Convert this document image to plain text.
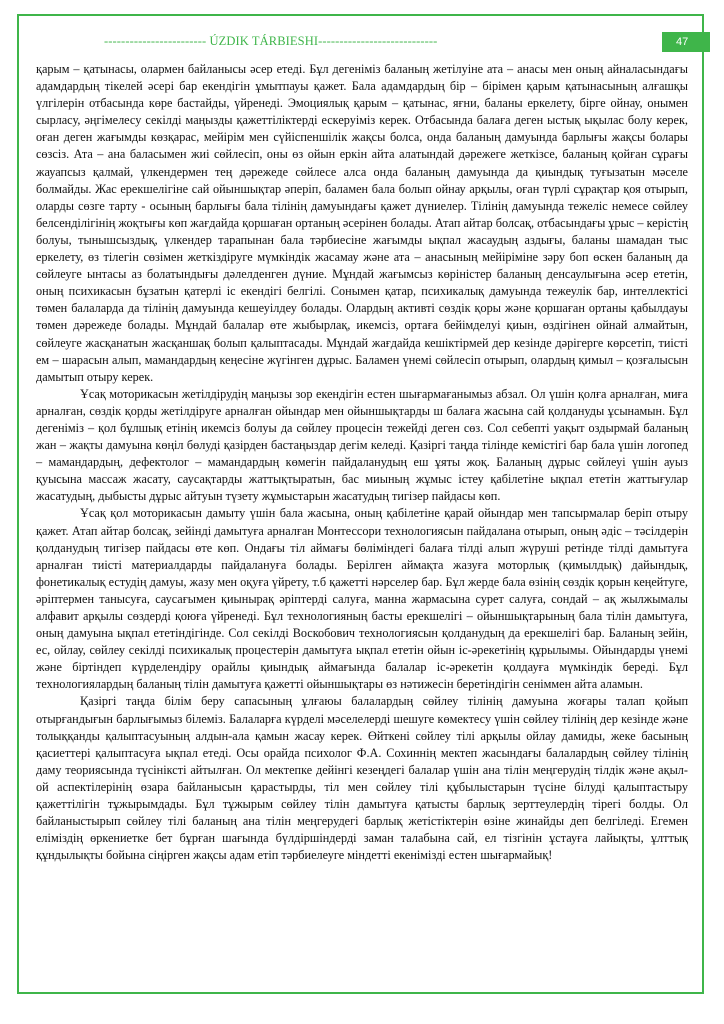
------------------------ ÚZDIK TÁRBIESHI----------------------------	47

қарым – қатынасы, олармен байланысы әсер етеді. Бұл дегеніміз баланың жетілуіне ата – анасы мен оның айналасындағы адамдардың тікелей әсері бар екендігін ұмытпауы қажет. Бала адамдардың бір – бірімен қарым қатынасының алғашқы үлгілерін отбасында көре бастайды, үйренеді. Эмоциялық қарым – қатынас, яғни, баланы еркелету, бірге ойнау, онымен сырласу, әңгімелесу секілді маңызды қажеттіліктерді ескеруіміз керек. Отбасында балаға деген ыстық ықылас болу керек, оған деген жағымды көзқарас, мейірім мен сүйіспеншілік жақсы болса, онда баланың дамуында барлығы жақсы болары сөзсіз. Ата – ана баласымен жиі сөйлесіп, оны өз ойын еркін айта алатындай дәрежеге жеткізсе, баланың қойған сұрағы жауапсыз қалмай, үлкендермен тең дәрежеде сөйлесе алса онда баланың дамуында да қиындық туғызатын мәселе болмайды. Жас ерекшелігіне сай ойыншықтар әперіп, баламен бала болып ойнау арқылы, оған түрлі сұрақтар қоя отырып, оларды сөзге тарту - осының барлығы бала тілінің дамуындағы қажет дүниелер. Тілінің дамуында тежеліс немесе сөйлеу белсенділігінің жоқтығы көп жағдайда қоршаған ортаның әсерінен болады. Атап айтар болсақ, отбасындағы ұрыс – керістің болуы, тынышсыздық, үлкендер тарапынан бала тәрбиесіне жағымды ықпал жасаудың аздығы, баланы шамадан тыс еркелету, өз тілегін сөзімен жеткіздіруге мүмкіндік жасамау және ата – анасының мейіріміне зәру боп өскен баланың да сөйлеуге ынтасы аз болатындығы дәлелденген дүние. Мұндай жағымсыз көріністер баланың денсаулығына әсер ететін, оның психикасын бұзатын қатерлі іс екендігі белгілі. Сонымен қатар, психикалық дамуында тежеулік бар, интеллектісі төмен балаларда да тілінің дамуында кешеуілдеу болады. Олардың активті сөздік қоры және қоршаған ортаны қабылдауы төмен дәрежеде болады. Мұндай балалар өте жыбырлақ, икемсіз, ортаға бейімделуі қиын, өздігінен ойнай алмайтын, сөйлеуге жасқанатын жасқаншақ болып қалыптасады. Мұндай жағдайда кешіктірмей дер кезінде дәрігерге көрсетіп, тиісті ем – шарасын алып, мамандардың кеңесіне жүгінген дұрыс. Баламен үнемі сөйлесіп отырып, олардың қимыл – қозғалысын дамытып отыру керек.

Ұсақ моторикасын жетілдірудің маңызы зор екендігін естен шығармағанымыз абзал. Ол үшін қолға арналған, миға арналған, сөздік қорды жетілдіруге арналған ойындар мен ойыншықтарды ш балаға жасына сай қолдануды ұсынамын. Бұл дегеніміз – қол бұлшық етінің икемсіз болуы да сөйлеу процесін тежейді деген сөз. Сол себепті уақыт оздырмай баланың жан – жақты дамуына көңіл бөлуді қазірден бастаңыздар дегім келеді. Қазіргі таңда тілінде кемістігі бар бала үшін логопед – мамандардың, дефектолог – мамандардың көмегін пайдаланудың еш ұяты жоқ. Баланың дұрыс сөйлеуі үшін ауыз қуысына массаж жасату, саусақтарды жаттықтыратын, бас миының жұмыс істеу қабілетіне ықпал ететін жаттығулар жасатудың, дыбысты дұрыс айтуын түзету жұмыстарын жасатудың тигізер пайдасы көп.

Ұсақ қол моторикасын дамыту үшін бала жасына, оның қабілетіне қарай ойындар мен тапсырмалар беріп отыру қажет. Атап айтар болсақ, зейінді дамытуға арналған Монтессори технологиясын пайдалана отырып, оның әдіс – тәсілдерін қолданудың тигізер пайдасы өте көп. Ондағы тіл аймағы бөліміндегі балаға тілді алып жүруші ретінде тілді дамытуға арналған тиісті материалдарды пайдалануға болады. Берілген аймақта жазуға моторлық (қимылдық) дайындық, фонетикалық естудің дамуы, жазу мен оқуға үйрету, т.б қажетті нәрселер бар. Бұл жерде бала өзінің сөздік қорын кеңейтуге, әріптермен танысуға, саусағымен қиынырақ әріптерді салуға, манна жармасына сурет салуға, сондай – ақ жылжымалы алфавит арқылы сөздерді қоюға үйренеді. Бұл технологияның басты ерекшелігі – ойыншықтарының бала тілін дамытуға, оның дамуына ықпал ететіндігінде. Сол секілді Воскобович технологиясын қолданудың да ерекшелігі бар. Баланың зейін, ес, ойлау, сөйлеу секілді психикалық процестерін дамытуға ықпал ететін ойын іс-әрекетінің құрылымы. Ойындарды үнемі және біртіндеп күрделендіру орайлы қиындық аймағында балалар іс-әрекетін қолдауға мүмкіндік береді. Бұл технологиялардың баланың тілін дамытуға қажетті ойыншықтары өз нәтижесін беретіндігін сеніммен айта аламын.

Қазіргі таңда білім беру сапасының ұлғаюы балалардың сөйлеу тілінің дамуына жоғары талап қойып отырғандығын барлығымыз білеміз. Балаларға күрделі мәселелерді шешуге көмектесу үшін сөйлеу тілінің дер кезінде және толыққанды қалыптасуының алдын-ала қамын жасау керек. Өйткені сөйлеу тілі арқылы ойлау дамиды, жеке басының қасиеттері қалыптасуға ықпал етеді. Осы орайда психолог Ф.А. Сохиннің мектеп жасындағы балалардың сөйлеу тілінің даму теориясында түсініксті айтылған. Ол мектепке дейінгі кезеңдегі балалар үшін ана тілін меңгерудің тілдік және ақыл-ой аспектілерінің өзара байланысын қарастырды, тіл мен сөйлеу тілі құбылыстарын түсіне білуді қалыптастыру қажеттілігін тұжырымдады. Бұл тұжырым сөйлеу тілін дамытуға қатысты барлық зерттеулердің тірегі болды. Ол байланыстырып сөйлеу тілі баланың ана тілін меңгерудегі барлық жетістіктерін өзіне жинайды деп белгіледі. Егемен еліміздің өркениетке бет бұрған шағында бүлдіршіндерді заман талабына сай, ел тізгінін ұстауға лайықты, ұлттық құндылықты бойына сіңірген жақсы адам етіп тәрбиелеуге міндетті екенімізді естен шығармайық!
